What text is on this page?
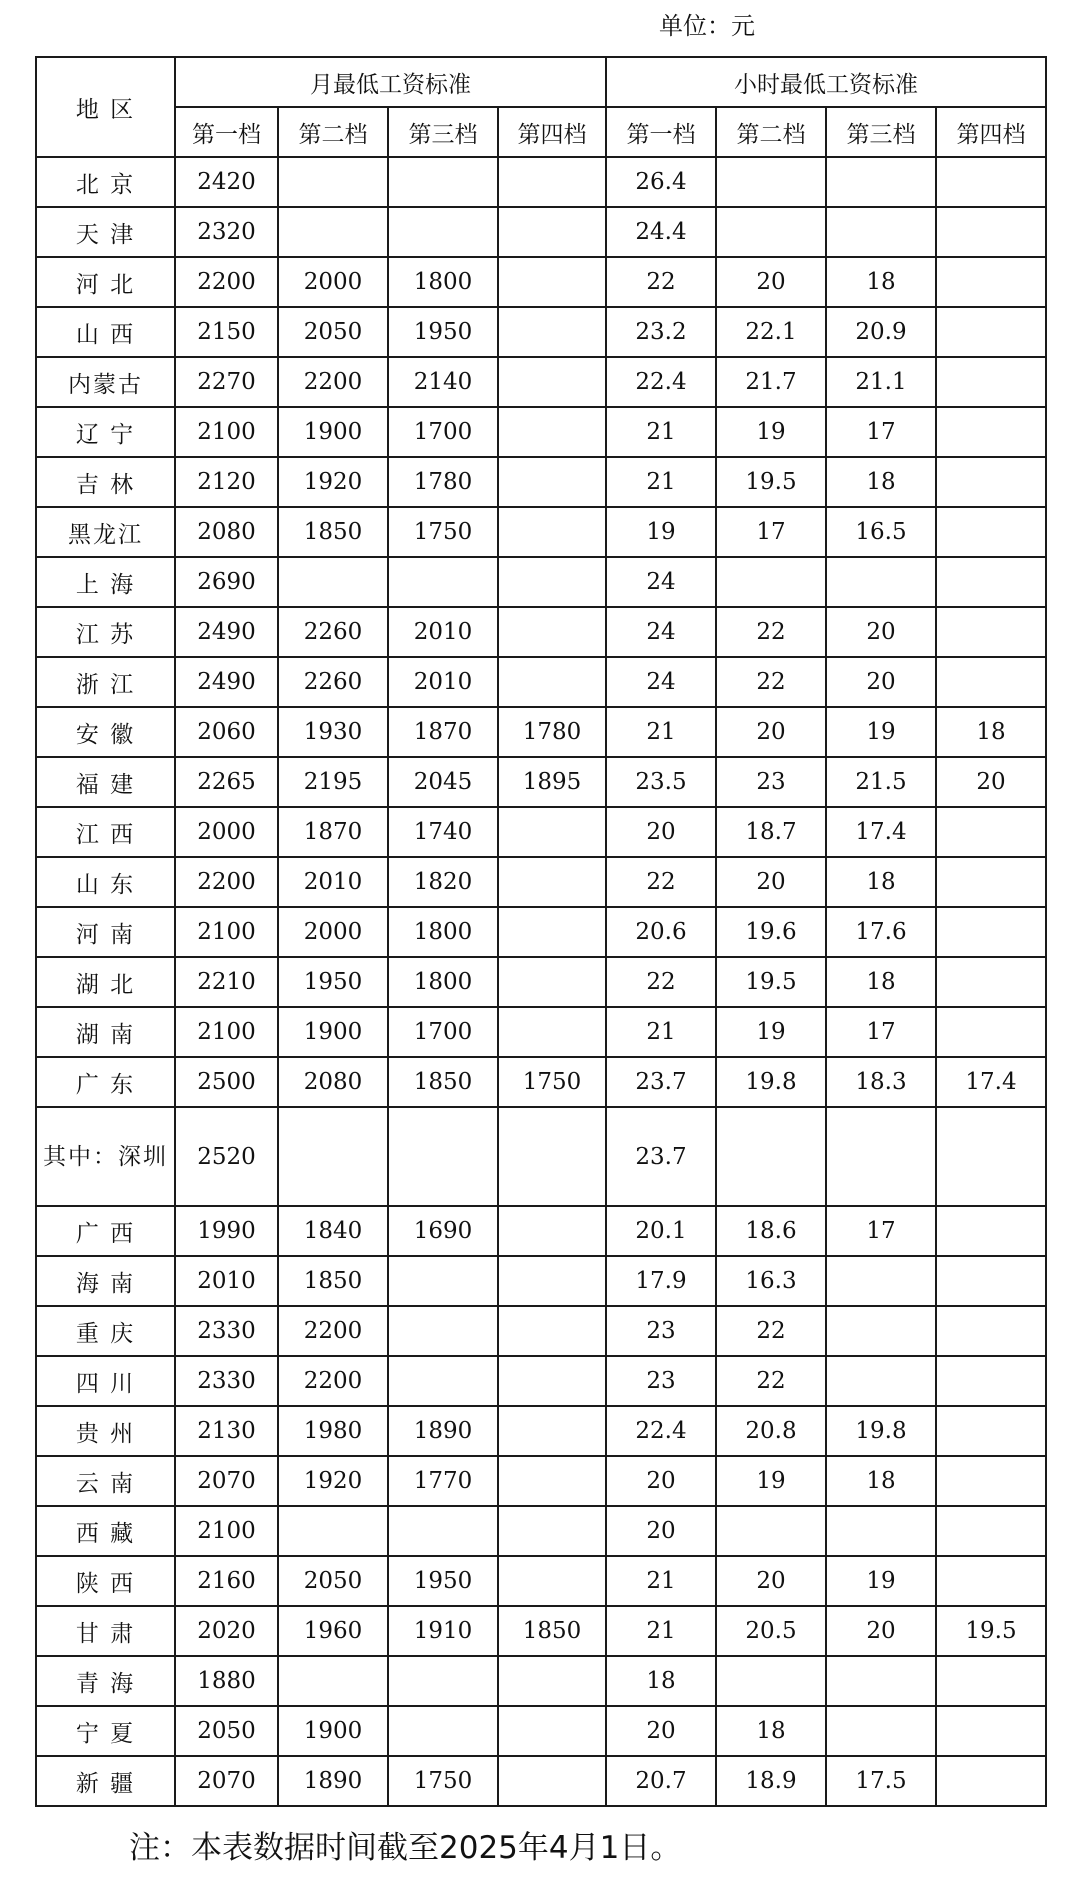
单位：元
地 区	月最低工资标准				小时最低工资标准			
	第一档	第二档	第三档	第四档	第一档	第二档	第三档	第四档
北 京	2420				26.4			
天 津	2320				24.4			
河 北	2200	2000	1800		22	20	18	
山 西	2150	2050	1950		23.2	22.1	20.9	
内蒙古	2270	2200	2140		22.4	21.7	21.1	
辽 宁	2100	1900	1700		21	19	17	
吉 林	2120	1920	1780		21	19.5	18	
黑龙江	2080	1850	1750		19	17	16.5	
上 海	2690				24			
江 苏	2490	2260	2010		24	22	20	
浙 江	2490	2260	2010		24	22	20	
安 徽	2060	1930	1870	1780	21	20	19	18
福 建	2265	2195	2045	1895	23.5	23	21.5	20
江 西	2000	1870	1740		20	18.7	17.4	
山 东	2200	2010	1820		22	20	18	
河 南	2100	2000	1800		20.6	19.6	17.6	
湖 北	2210	1950	1800		22	19.5	18	
湖 南	2100	1900	1700		21	19	17	
广 东	2500	2080	1850	1750	23.7	19.8	18.3	17.4
其中：深圳	2520				23.7			
广 西	1990	1840	1690		20.1	18.6	17	
海 南	2010	1850			17.9	16.3		
重 庆	2330	2200			23	22		
四 川	2330	2200			23	22		
贵 州	2130	1980	1890		22.4	20.8	19.8	
云 南	2070	1920	1770		20	19	18	
西 藏	2100				20			
陕 西	2160	2050	1950		21	20	19	
甘 肃	2020	1960	1910	1850	21	20.5	20	19.5
青 海	1880				18			
宁 夏	2050	1900			20	18		
新 疆	2070	1890	1750		20.7	18.9	17.5	
注：本表数据时间截至2025年4月1日。
